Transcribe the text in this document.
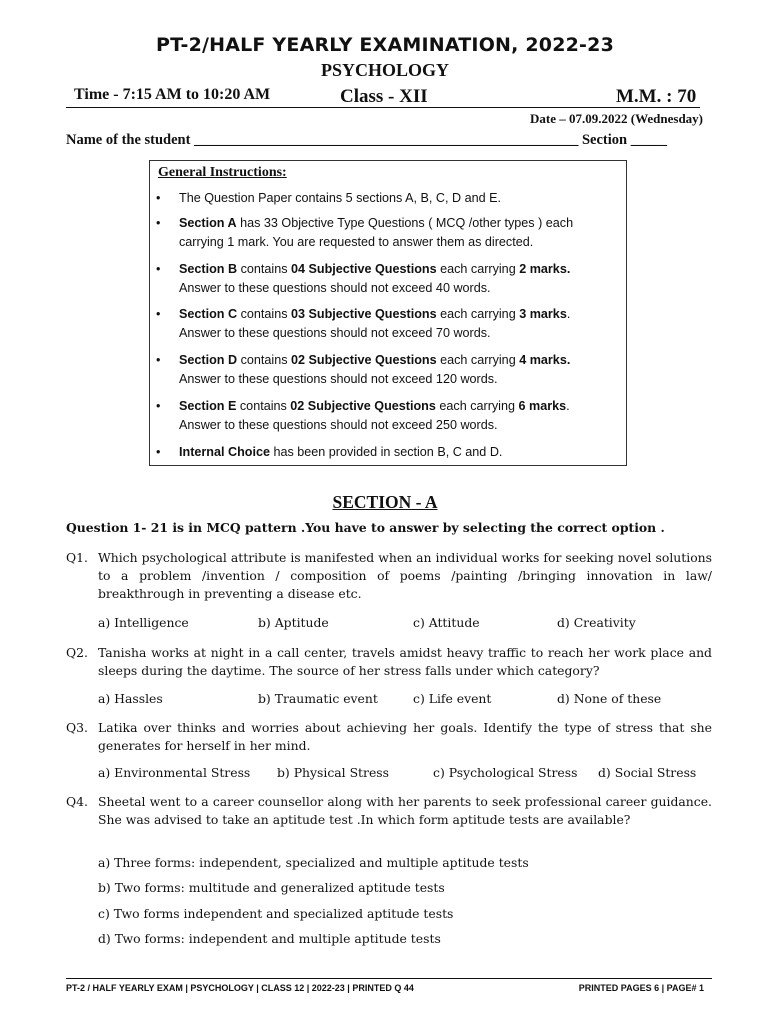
PT-2/HALF YEARLY EXAMINATION, 2022-23
PSYCHOLOGY
Time - 7:15 AM to 10:20 AM	Class - XII	M.M. : 70
Date – 07.09.2022 (Wednesday)
Name of the student _____________________________________________________ Section _____
General Instructions:
• The Question Paper contains 5 sections A, B, C, D and E.
• Section A has 33 Objective Type Questions ( MCQ /other types ) each
carrying 1 mark. You are requested to answer them as directed.
• Section B contains 04 Subjective Questions each carrying 2 marks.
Answer to these questions should not exceed 40 words.
• Section C contains 03 Subjective Questions each carrying 3 marks.
Answer to these questions should not exceed 70 words.
• Section D contains 02 Subjective Questions each carrying 4 marks.
Answer to these questions should not exceed 120 words.
• Section E contains 02 Subjective Questions each carrying 6 marks.
Answer to these questions should not exceed 250 words.
• Internal Choice has been provided in section B, C and D.
SECTION - A
Question 1- 21 is in MCQ pattern .You have to answer by selecting the correct option .
Q1. Which psychological attribute is manifested when an individual works for seeking novel solutions to a problem /invention / composition of poems /painting /bringing innovation in law/ breakthrough in preventing a disease etc.
a) Intelligence	b) Aptitude	c) Attitude	d) Creativity
Q2. Tanisha works at night in a call center, travels amidst heavy traffic to reach her work place and sleeps during the daytime. The source of her stress falls under which category?
a) Hassles	b) Traumatic event	c) Life event	d) None of these
Q3. Latika over thinks and worries about achieving her goals. Identify the type of stress that she generates for herself in her mind.
a) Environmental Stress b) Physical Stress	c) Psychological Stress d) Social Stress
Q4. Sheetal went to a career counsellor along with her parents to seek professional career guidance. She was advised to take an aptitude test .In which form aptitude tests are available?
a) Three forms: independent, specialized and multiple aptitude tests
b) Two forms: multitude and generalized aptitude tests
c) Two forms independent and specialized aptitude tests
d) Two forms: independent and multiple aptitude tests
PT-2 / HALF YEARLY EXAM | PSYCHOLOGY | CLASS 12 | 2022-23 | PRINTED Q 44	PRINTED PAGES 6 | PAGE# 1
